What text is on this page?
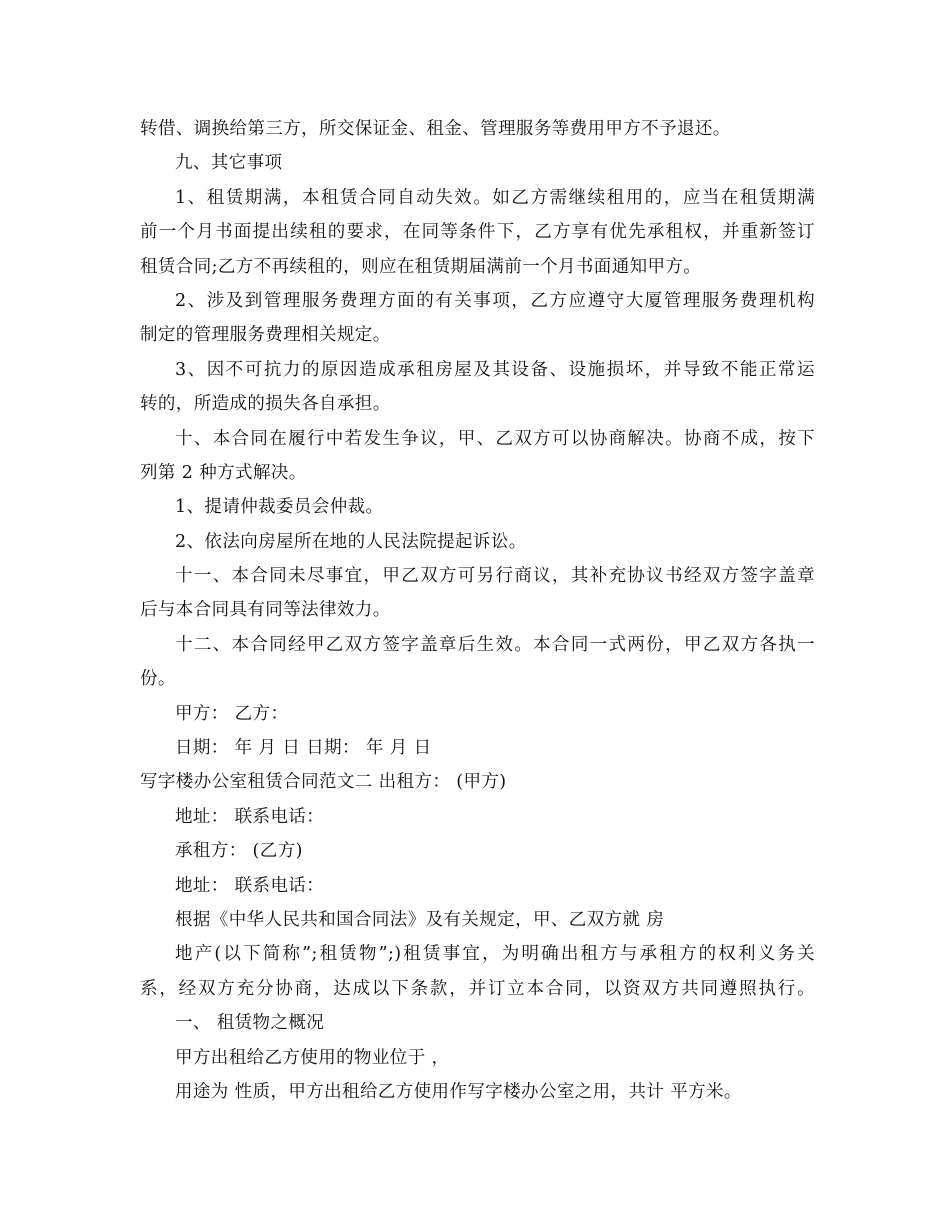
转借、调换给第三方，所交保证金、租金、管理服务等费用甲方不予退还。
九、其它事项
1、租赁期满，本租赁合同自动失效。如乙方需继续租用的，应当在租赁期满
前一个月书面提出续租的要求，在同等条件下，乙方享有优先承租权，并重新签订
租赁合同;乙方不再续租的，则应在租赁期届满前一个月书面通知甲方。
2、涉及到管理服务费理方面的有关事项，乙方应遵守大厦管理服务费理机构
制定的管理服务费理相关规定。
3、因不可抗力的原因造成承租房屋及其设备、设施损坏，并导致不能正常运
转的，所造成的损失各自承担。
十、本合同在履行中若发生争议，甲、乙双方可以协商解决。协商不成，按下
列第 2 种方式解决。
1、提请仲裁委员会仲裁。
2、依法向房屋所在地的人民法院提起诉讼。
十一、本合同未尽事宜，甲乙双方可另行商议，其补充协议书经双方签字盖章
后与本合同具有同等法律效力。
十二、本合同经甲乙双方签字盖章后生效。本合同一式两份，甲乙双方各执一
份。
甲方： 乙方：
日期： 年 月 日 日期： 年 月 日
写字楼办公室租赁合同范文二 出租方： (甲方)
地址： 联系电话：
承租方： (乙方)
地址： 联系电话：
根据《中华人民共和国合同法》及有关规定，甲、乙双方就 房
地产(以下简称”;租赁物”;)租赁事宜，为明确出租方与承租方的权利义务关
系，经双方充分协商，达成以下条款，并订立本合同，以资双方共同遵照执行。
一、 租赁物之概况
甲方出租给乙方使用的物业位于 ，
用途为 性质，甲方出租给乙方使用作写字楼办公室之用，共计 平方米。
